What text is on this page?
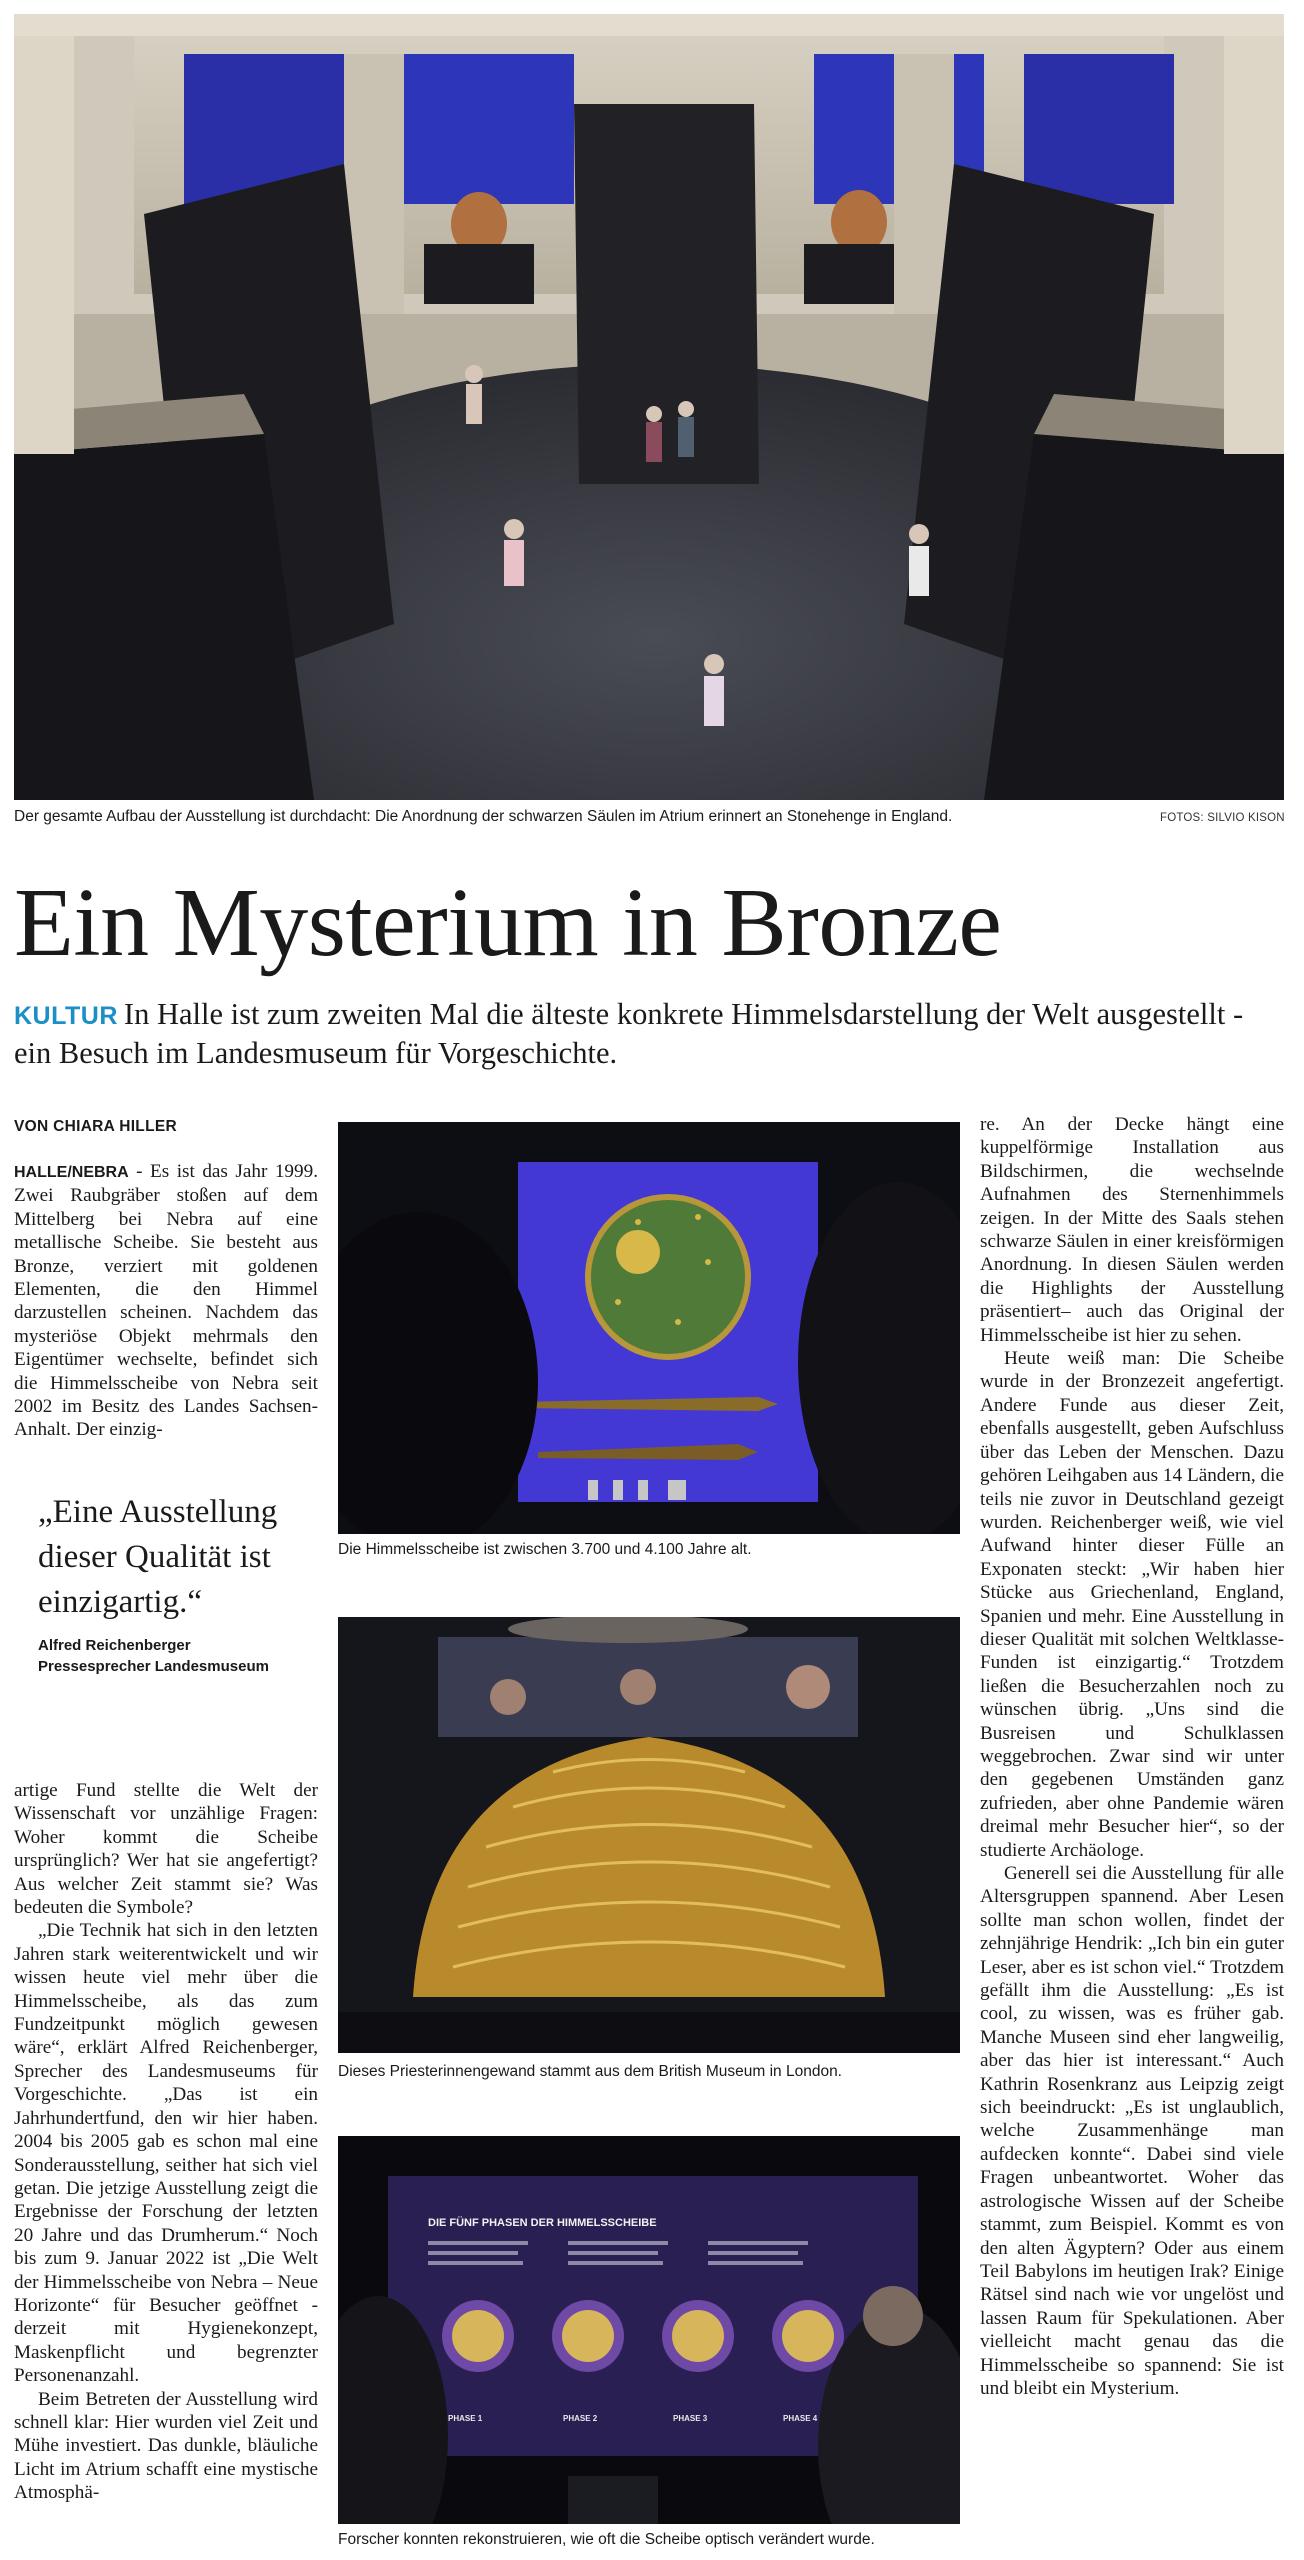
Der gesamte Aufbau der Ausstellung ist durchdacht: Die Anordnung der schwarzen Säulen im Atrium erinnert an Stonehenge in England.	FOTOS: SILVIO KISON
Ein Mysterium in Bronze
KULTUR In Halle ist zum zweiten Mal die älteste konkrete Himmelsdarstellung der Welt ausgestellt - ein Besuch im Landesmuseum für Vorgeschichte.
VON CHIARA HILLER

HALLE/NEBRA - Es ist das Jahr 1999. Zwei Raubgräber stoßen auf dem Mittelberg bei Nebra auf eine metallische Scheibe. Sie besteht aus Bronze, verziert mit goldenen Elementen, die den Himmel darzustellen scheinen. Nachdem das mysteriöse Objekt mehrmals den Eigentümer wechselte, befindet sich die Himmelsscheibe von Nebra seit 2002 im Besitz des Landes Sachsen-Anhalt. Der einzig-

„Eine Ausstellung dieser Qualität ist einzigartig.“
Alfred Reichenberger
Pressesprecher Landesmuseum

artige Fund stellte die Welt der Wissenschaft vor unzählige Fragen: Woher kommt die Scheibe ursprünglich? Wer hat sie angefertigt? Aus welcher Zeit stammt sie? Was bedeuten die Symbole?

„Die Technik hat sich in den letzten Jahren stark weiterentwickelt und wir wissen heute viel mehr über die Himmelsscheibe, als das zum Fundzeitpunkt möglich gewesen wäre“, erklärt Alfred Reichenberger, Sprecher des Landesmuseums für Vorgeschichte. „Das ist ein Jahrhundertfund, den wir hier haben. 2004 bis 2005 gab es schon mal eine Sonderausstellung, seither hat sich viel getan. Die jetzige Ausstellung zeigt die Ergebnisse der Forschung der letzten 20 Jahre und das Drumherum.“ Noch bis zum 9. Januar 2022 ist „Die Welt der Himmelsscheibe von Nebra – Neue Horizonte“ für Besucher geöffnet - derzeit mit Hygienekonzept, Maskenpflicht und begrenzter Personenanzahl.

Beim Betreten der Ausstellung wird schnell klar: Hier wurden viel Zeit und Mühe investiert. Das dunkle, bläuliche Licht im Atrium schafft eine mystische Atmosphä-

Die Himmelsscheibe ist zwischen 3.700 und 4.100 Jahre alt.
Dieses Priesterinnengewand stammt aus dem British Museum in London.
DIE FÜNF PHASEN DER HIMMELSSCHEIBE
PHASE 1	PHASE 2	PHASE 3	PHASE 4
Forscher konnten rekonstruieren, wie oft die Scheibe optisch verändert wurde.

re. An der Decke hängt eine kuppelförmige Installation aus Bildschirmen, die wechselnde Aufnahmen des Sternenhimmels zeigen. In der Mitte des Saals stehen schwarze Säulen in einer kreisförmigen Anordnung. In diesen Säulen werden die Highlights der Ausstellung präsentiert– auch das Original der Himmelsscheibe ist hier zu sehen.

Heute weiß man: Die Scheibe wurde in der Bronzezeit angefertigt. Andere Funde aus dieser Zeit, ebenfalls ausgestellt, geben Aufschluss über das Leben der Menschen. Dazu gehören Leihgaben aus 14 Ländern, die teils nie zuvor in Deutschland gezeigt wurden. Reichenberger weiß, wie viel Aufwand hinter dieser Fülle an Exponaten steckt: „Wir haben hier Stücke aus Griechenland, England, Spanien und mehr. Eine Ausstellung in dieser Qualität mit solchen Weltklasse-Funden ist einzigartig.“ Trotzdem ließen die Besucherzahlen noch zu wünschen übrig. „Uns sind die Busreisen und Schulklassen weggebrochen. Zwar sind wir unter den gegebenen Umständen ganz zufrieden, aber ohne Pandemie wären dreimal mehr Besucher hier“, so der studierte Archäologe.

Generell sei die Ausstellung für alle Altersgruppen spannend. Aber Lesen sollte man schon wollen, findet der zehnjährige Hendrik: „Ich bin ein guter Leser, aber es ist schon viel.“ Trotzdem gefällt ihm die Ausstellung: „Es ist cool, zu wissen, was es früher gab. Manche Museen sind eher langweilig, aber das hier ist interessant.“ Auch Kathrin Rosenkranz aus Leipzig zeigt sich beeindruckt: „Es ist unglaublich, welche Zusammenhänge man aufdecken konnte“. Dabei sind viele Fragen unbeantwortet. Woher das astrologische Wissen auf der Scheibe stammt, zum Beispiel. Kommt es von den alten Ägyptern? Oder aus einem Teil Babylons im heutigen Irak? Einige Rätsel sind nach wie vor ungelöst und lassen Raum für Spekulationen. Aber vielleicht macht genau das die Himmelsscheibe so spannend: Sie ist und bleibt ein Mysterium.
